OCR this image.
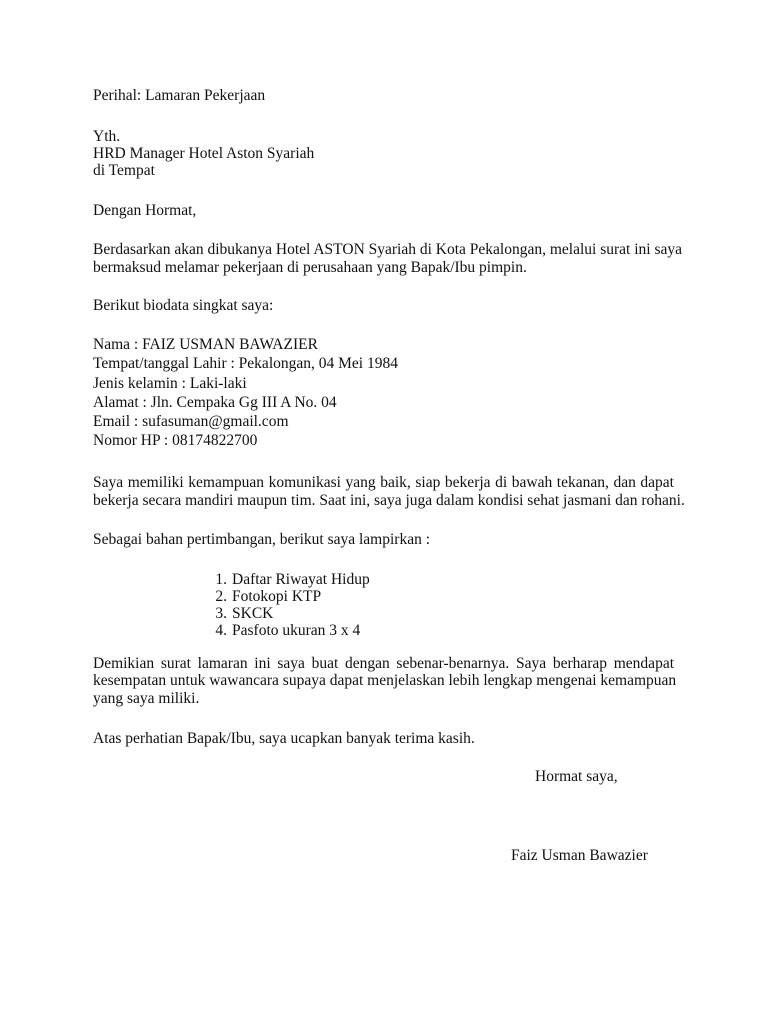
Perihal: Lamaran Pekerjaan
Yth.
HRD Manager Hotel Aston Syariah
di Tempat
Dengan Hormat,
Berdasarkan akan dibukanya Hotel ASTON Syariah di Kota Pekalongan, melalui surat ini saya
bermaksud melamar pekerjaan di perusahaan yang Bapak/Ibu pimpin.
Berikut biodata singkat saya:
Nama : FAIZ USMAN BAWAZIER
Tempat/tanggal Lahir : Pekalongan, 04 Mei 1984
Jenis kelamin : Laki-laki
Alamat : Jln. Cempaka Gg III A No. 04
Email : sufasuman@gmail.com
Nomor HP : 08174822700
Saya memiliki kemampuan komunikasi yang baik, siap bekerja di bawah tekanan, dan dapat
bekerja secara mandiri maupun tim. Saat ini, saya juga dalam kondisi sehat jasmani dan rohani.
Sebagai bahan pertimbangan, berikut saya lampirkan :
1. Daftar Riwayat Hidup
2. Fotokopi KTP
3. SKCK
4. Pasfoto ukuran 3 x 4
Demikian surat lamaran ini saya buat dengan sebenar-benarnya. Saya berharap mendapat
kesempatan untuk wawancara supaya dapat menjelaskan lebih lengkap mengenai kemampuan
yang saya miliki.
Atas perhatian Bapak/Ibu, saya ucapkan banyak terima kasih.
Hormat saya,
Faiz Usman Bawazier
